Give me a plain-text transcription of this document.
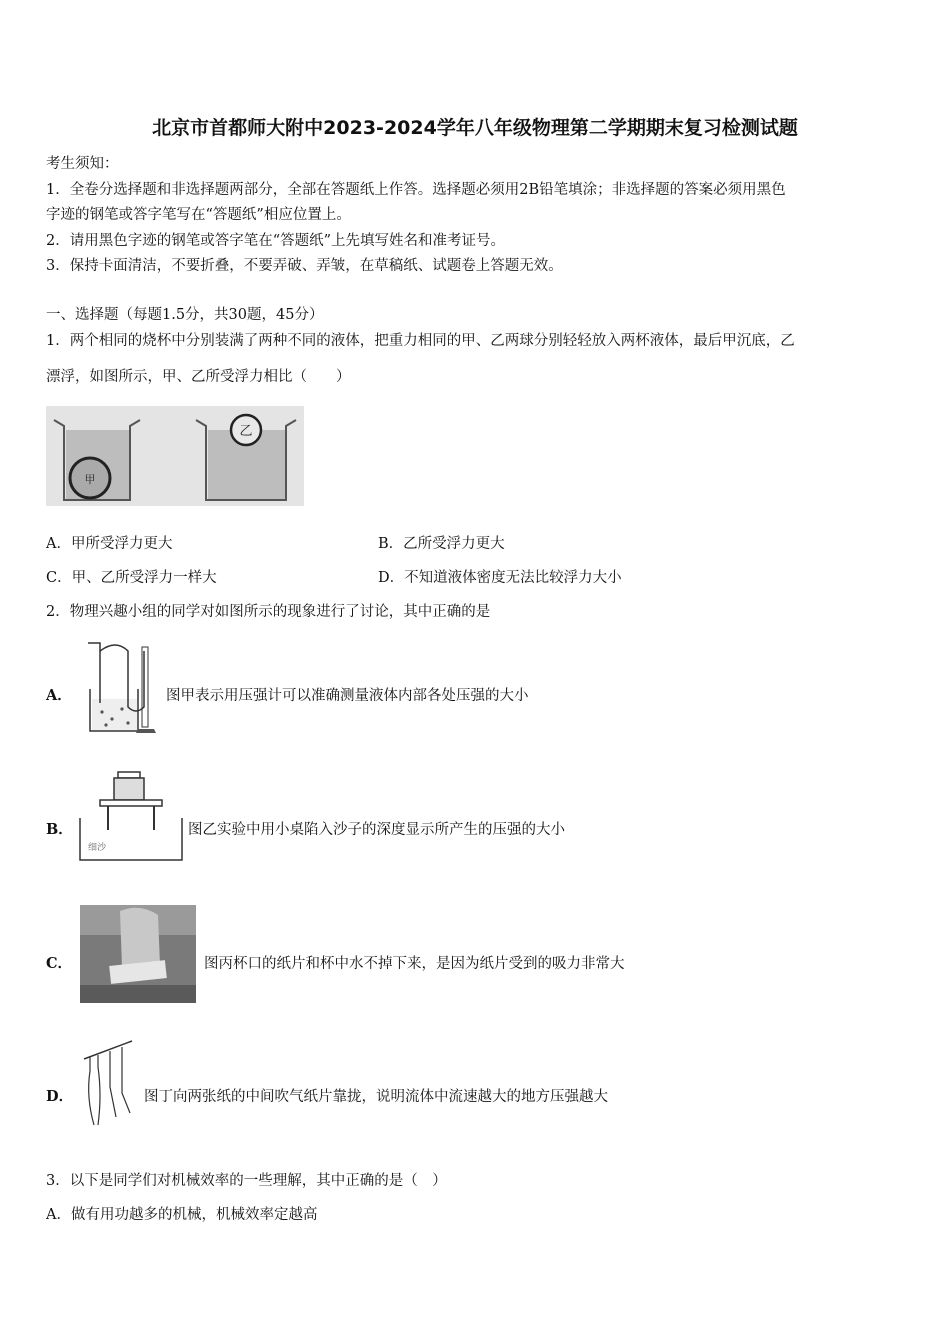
北京市首都师大附中2023-2024学年八年级物理第二学期期末复习检测试题
考生须知：
1．全卷分选择题和非选择题两部分，全部在答题纸上作答。选择题必须用2B铅笔填涂；非选择题的答案必须用黑色
字迹的钢笔或答字笔写在“答题纸”相应位置上。
2．请用黑色字迹的钢笔或答字笔在“答题纸”上先填写姓名和准考证号。
3．保持卡面清洁，不要折叠，不要弄破、弄皱，在草稿纸、试题卷上答题无效。
一、选择题（每题1.5分，共30题，45分）
1．两个相同的烧杯中分别装满了两种不同的液体，把重力相同的甲、乙两球分别轻轻放入两杯液体，最后甲沉底，乙
漂浮，如图所示，甲、乙所受浮力相比（　　）
甲
乙
A．甲所受浮力更大	B．乙所受浮力更大
C．甲、乙所受浮力一样大	D．不知道液体密度无法比较浮力大小
2．物理兴趣小组的同学对如图所示的现象进行了讨论，其中正确的是
A．	图甲表示用压强计可以准确测量液体内部各处压强的大小
B．
细沙
图乙实验中用小桌陷入沙子的深度显示所产生的压强的大小
C．	图丙杯口的纸片和杯中水不掉下来，是因为纸片受到的吸力非常大
D．	图丁向两张纸的中间吹气纸片靠拢，说明流体中流速越大的地方压强越大
3．以下是同学们对机械效率的一些理解，其中正确的是（　）
A．做有用功越多的机械，机械效率定越高
